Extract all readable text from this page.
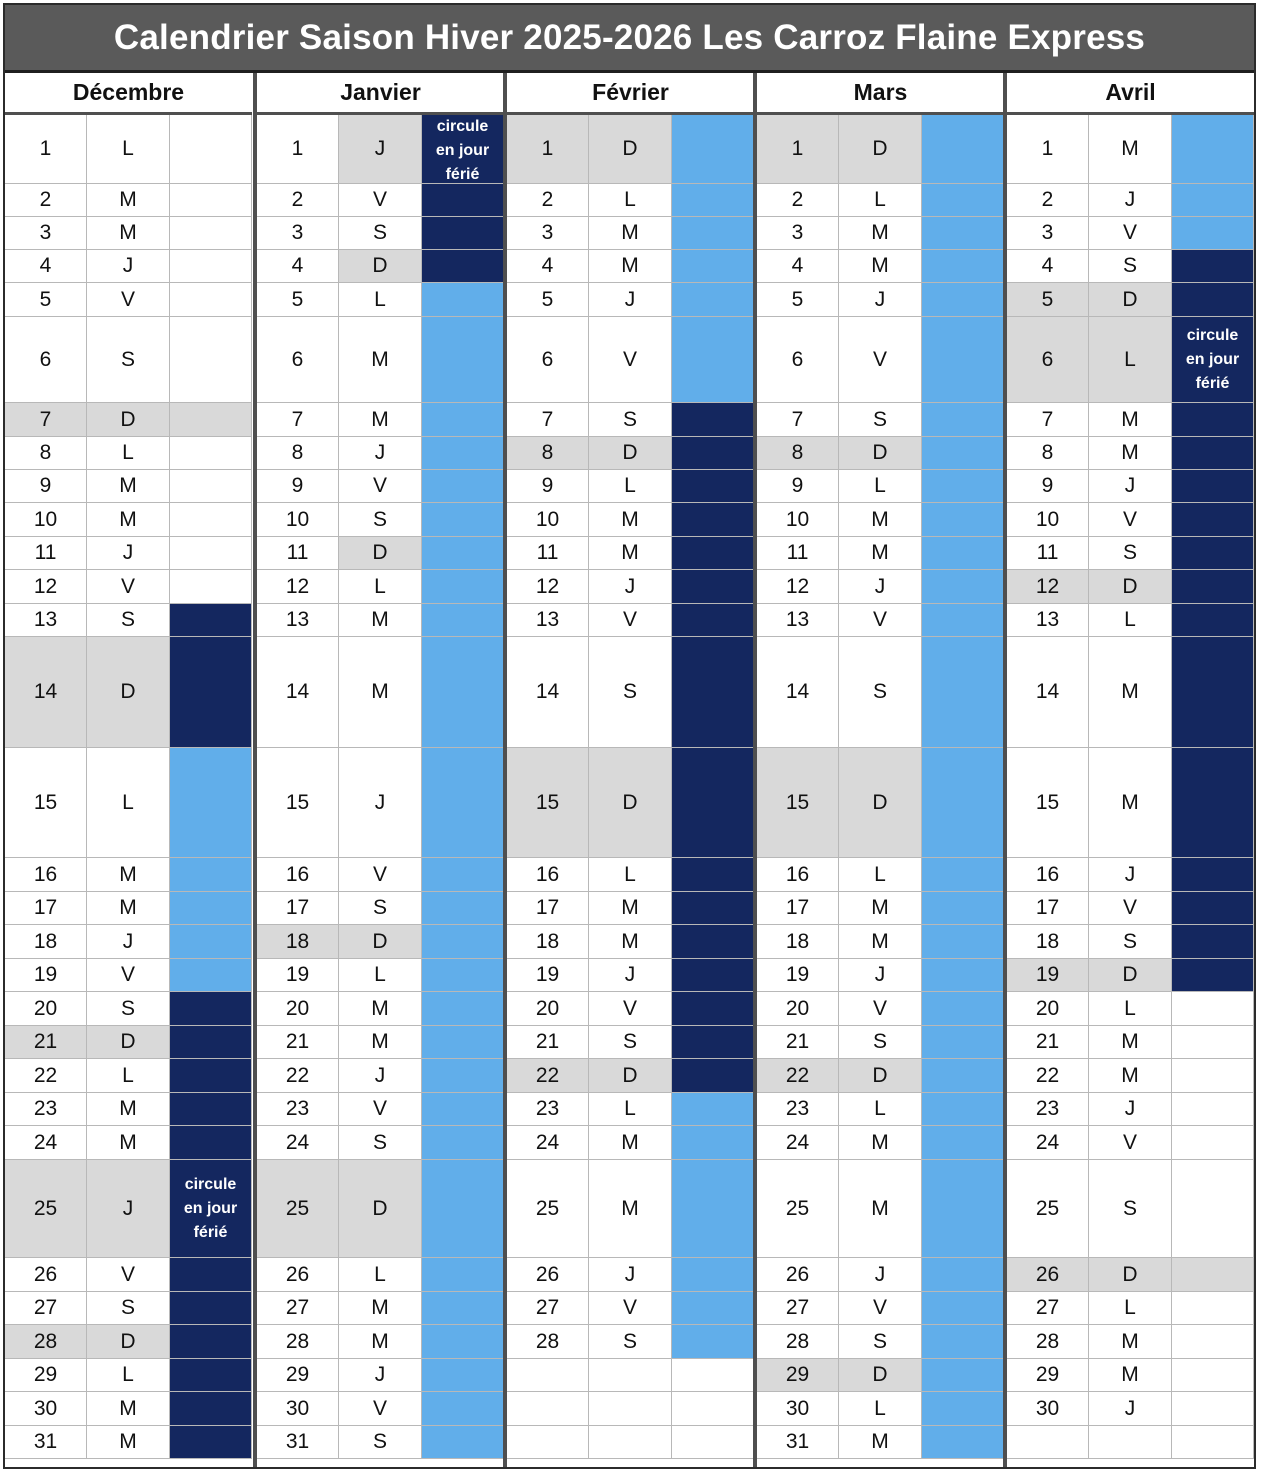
Calendrier Saison Hiver 2025-2026 Les Carroz Flaine Express
Décembre
1	L
2	M
3	M
4	J
5	V
6	S
7	D
8	L
9	M
10	M
11	J
12	V
13	S
14	D
15	L
16	M
17	M
18	J
19	V
20	S
21	D
22	L
23	M
24	M
25	J
circule
en jour
férié
26	V
27	S
28	D
29	L
30	M
31	M
Janvier
1	J
circule
en jour
férié
2	V
3	S
4	D
5	L
6	M
7	M
8	J
9	V
10	S
11	D
12	L
13	M
14	M
15	J
16	V
17	S
18	D
19	L
20	M
21	M
22	J
23	V
24	S
25	D
26	L
27	M
28	M
29	J
30	V
31	S
Février
1	D
2	L
3	M
4	M
5	J
6	V
7	S
8	D
9	L
10	M
11	M
12	J
13	V
14	S
15	D
16	L
17	M
18	M
19	J
20	V
21	S
22	D
23	L
24	M
25	M
26	J
27	V
28	S
Mars
1	D
2	L
3	M
4	M
5	J
6	V
7	S
8	D
9	L
10	M
11	M
12	J
13	V
14	S
15	D
16	L
17	M
18	M
19	J
20	V
21	S
22	D
23	L
24	M
25	M
26	J
27	V
28	S
29	D
30	L
31	M
Avril
1	M
2	J
3	V
4	S
5	D
6	L
circule
en jour
férié
7	M
8	M
9	J
10	V
11	S
12	D
13	L
14	M
15	M
16	J
17	V
18	S
19	D
20	L
21	M
22	M
23	J
24	V
25	S
26	D
27	L
28	M
29	M
30	J
